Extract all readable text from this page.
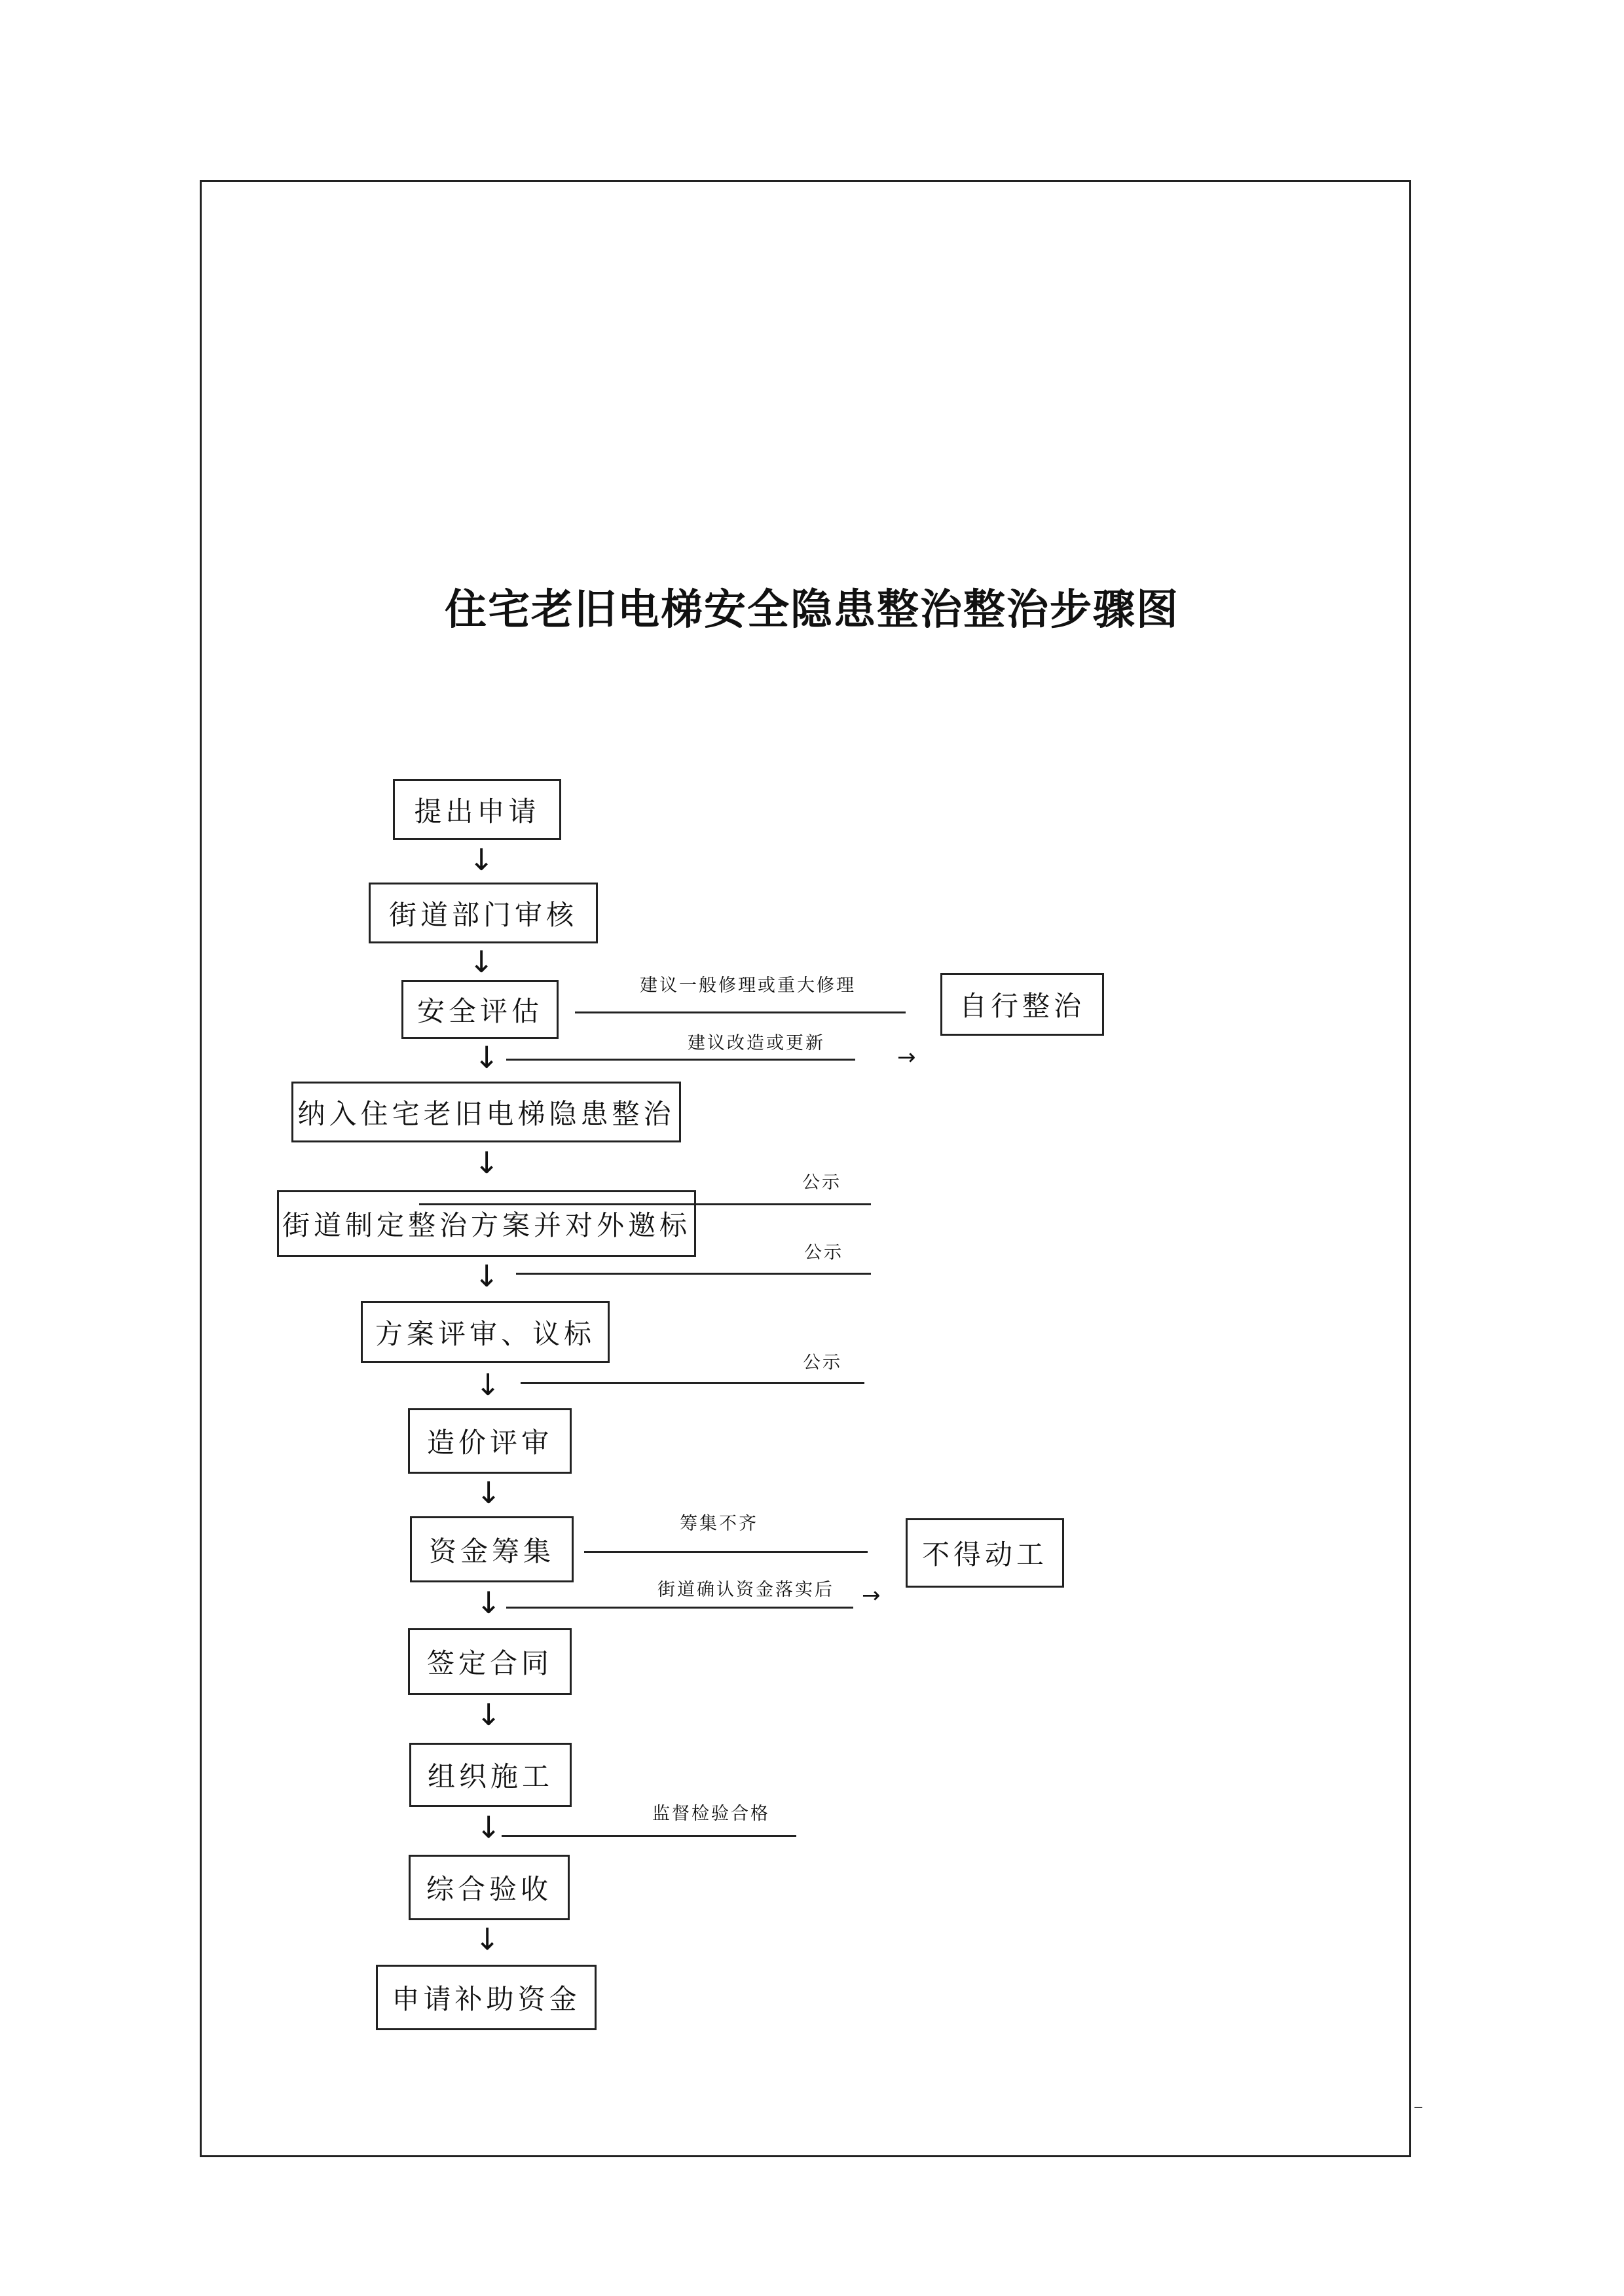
住宅老旧电梯安全隐患整治整治步骤图
提出申请
街道部门审核
安全评估
纳入住宅老旧电梯隐患整治
街道制定整治方案并对外邀标
方案评审、议标
造价评审
资金筹集
签定合同
组织施工
综合验收
申请补助资金
自行整治
不得动工
↓
↓
↓
↓
↓
↓
↓
↓
↓
↓
↓
建议一般修理或重大修理
建议改造或更新
→
公示
公示
公示
筹集不齐
街道确认资金落实后 →
监督检验合格
